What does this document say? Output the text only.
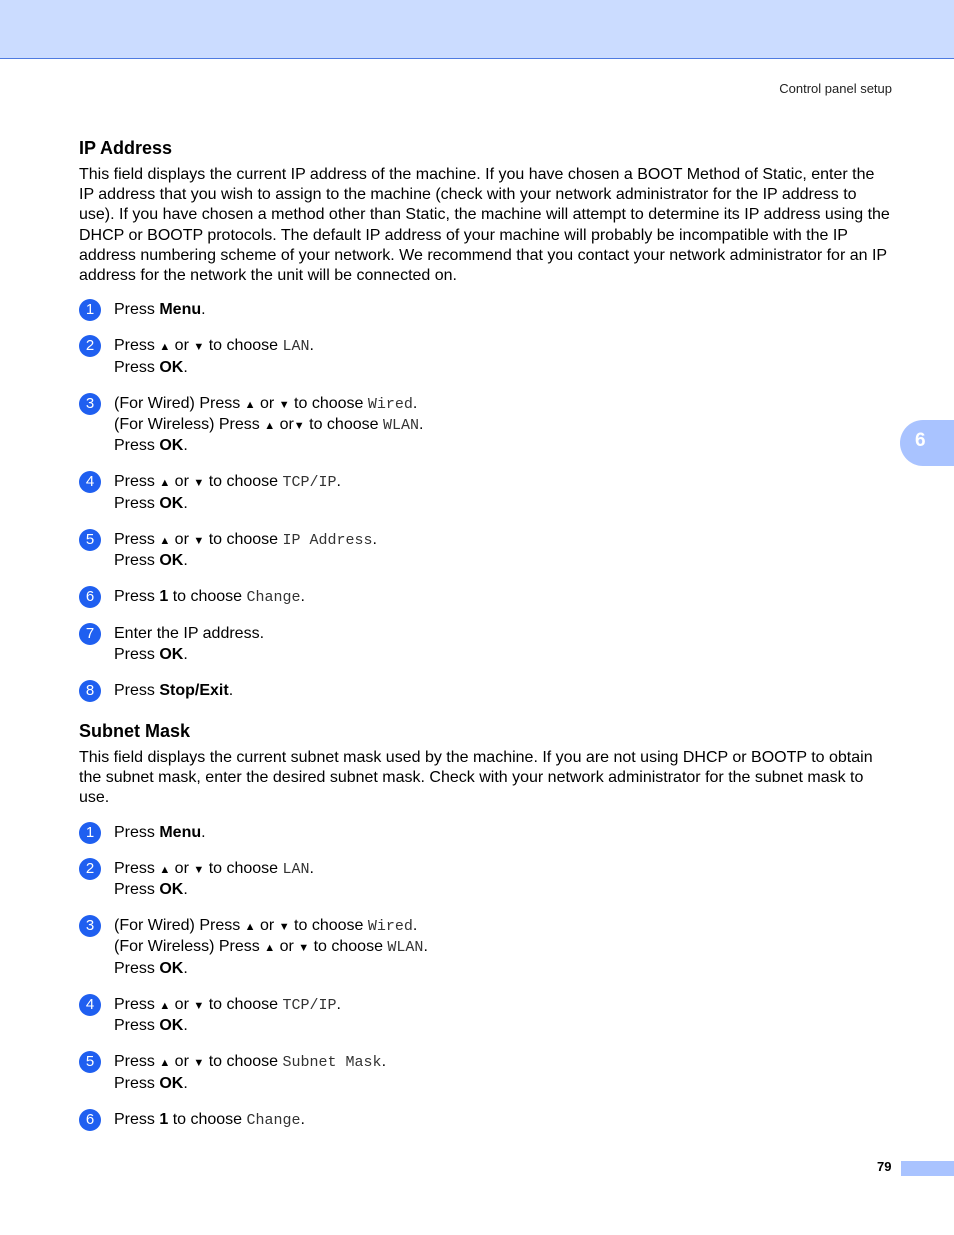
Control panel setup
6
IP Address

This field displays the current IP address of the machine. If you have chosen a BOOT Method of Static, enter the IP address that you wish to assign to the machine (check with your network administrator for the IP address to use). If you have chosen a method other than Static, the machine will attempt to determine its IP address using the DHCP or BOOTP protocols. The default IP address of your machine will probably be incompatible with the IP address numbering scheme of your network. We recommend that you contact your network administrator for an IP address for the network the unit will be connected on.

1	Press Menu.
2	Press ▲ or ▼ to choose LAN.
Press OK.
3	(For Wired) Press ▲ or ▼ to choose Wired.
(For Wireless) Press ▲ or▼ to choose WLAN.
Press OK.
4	Press ▲ or ▼ to choose TCP/IP.
Press OK.
5	Press ▲ or ▼ to choose IP Address.
Press OK.
6	Press 1 to choose Change.
7	Enter the IP address.
Press OK.
8	Press Stop/Exit.
Subnet Mask

This field displays the current subnet mask used by the machine. If you are not using DHCP or BOOTP to obtain the subnet mask, enter the desired subnet mask. Check with your network administrator for the subnet mask to use.

1	Press Menu.
2	Press ▲ or ▼ to choose LAN.
Press OK.
3	(For Wired) Press ▲ or ▼ to choose Wired.
(For Wireless) Press ▲ or ▼ to choose WLAN.
Press OK.
4	Press ▲ or ▼ to choose TCP/IP.
Press OK.
5	Press ▲ or ▼ to choose Subnet Mask.
Press OK.
6	Press 1 to choose Change.
79
